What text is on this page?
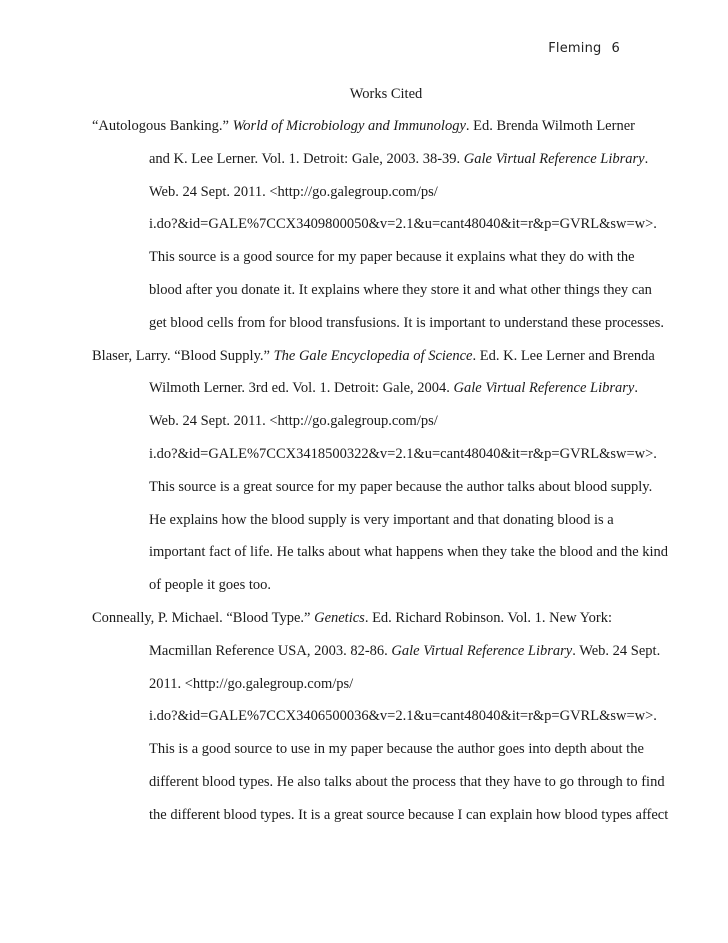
Fleming 6
Works Cited
“Autologous Banking.” World of Microbiology and Immunology. Ed. Brenda Wilmoth Lerner
and K. Lee Lerner. Vol. 1. Detroit: Gale, 2003. 38-39. Gale Virtual Reference Library.
Web. 24 Sept. 2011. <http://go.galegroup.com/ps/
i.do?&id=GALE%7CCX3409800050&v=2.1&u=cant48040&it=r&p=GVRL&sw=w>.
This source is a good source for my paper because it explains what they do with the
blood after you donate it. It explains where they store it and what other things they can
get blood cells from for blood transfusions. It is important to understand these processes.
Blaser, Larry. “Blood Supply.” The Gale Encyclopedia of Science. Ed. K. Lee Lerner and Brenda
Wilmoth Lerner. 3rd ed. Vol. 1. Detroit: Gale, 2004. Gale Virtual Reference Library.
Web. 24 Sept. 2011. <http://go.galegroup.com/ps/
i.do?&id=GALE%7CCX3418500322&v=2.1&u=cant48040&it=r&p=GVRL&sw=w>.
This source is a great source for my paper because the author talks about blood supply.
He explains how the blood supply is very important and that donating blood is a
important fact of life. He talks about what happens when they take the blood and the kind
of people it goes too.
Conneally, P. Michael. “Blood Type.” Genetics. Ed. Richard Robinson. Vol. 1. New York:
Macmillan Reference USA, 2003. 82-86. Gale Virtual Reference Library. Web. 24 Sept.
2011. <http://go.galegroup.com/ps/
i.do?&id=GALE%7CCX3406500036&v=2.1&u=cant48040&it=r&p=GVRL&sw=w>.
This is a good source to use in my paper because the author goes into depth about the
different blood types. He also talks about the process that they have to go through to find
the different blood types. It is a great source because I can explain how blood types affect
